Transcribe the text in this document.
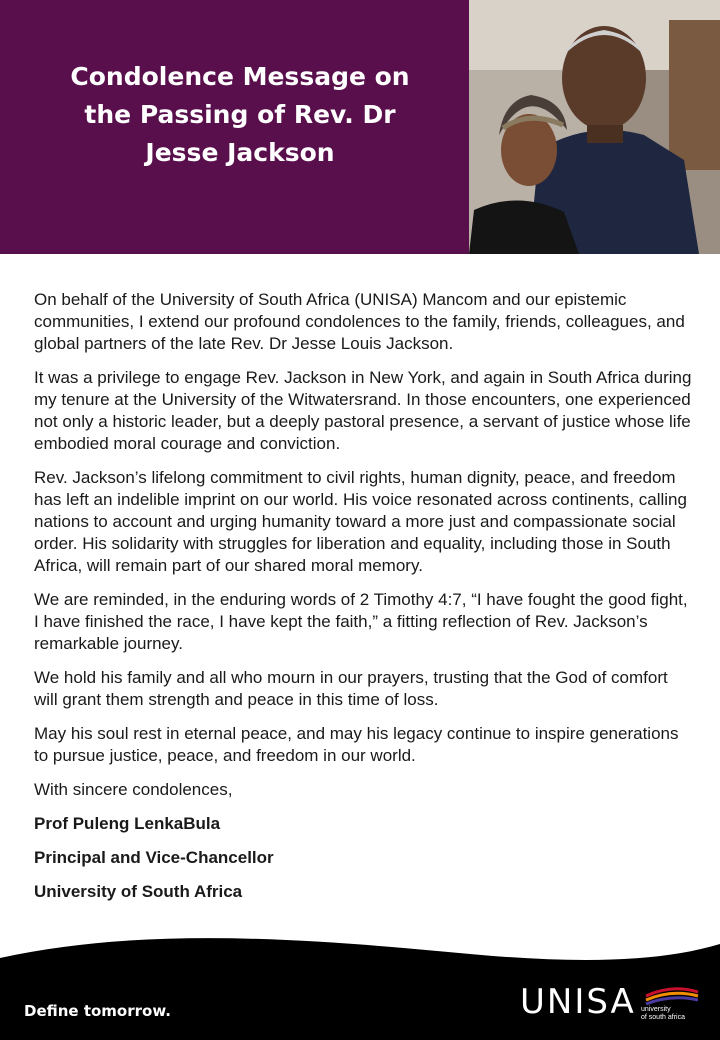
Condolence Message on
the Passing of Rev. Dr
Jesse Jackson

On behalf of the University of South Africa (UNISA) Mancom and our epistemic communities, I extend our profound condolences to the family, friends, colleagues, and global partners of the late Rev. Dr Jesse Louis Jackson.

It was a privilege to engage Rev. Jackson in New York, and again in South Africa during my tenure at the University of the Witwatersrand. In those encounters, one experienced not only a historic leader, but a deeply pastoral presence, a servant of justice whose life embodied moral courage and conviction.

Rev. Jackson’s lifelong commitment to civil rights, human dignity, peace, and freedom has left an indelible imprint on our world. His voice resonated across continents, calling nations to account and urging humanity toward a more just and compassionate social order. His solidarity with struggles for liberation and equality, including those in South Africa, will remain part of our shared moral memory.

We are reminded, in the enduring words of 2 Timothy 4:7, “I have fought the good fight, I have finished the race, I have kept the faith,” a fitting reflection of Rev. Jackson’s remarkable journey.

We hold his family and all who mourn in our prayers, trusting that the God of comfort will grant them strength and peace in this time of loss.

May his soul rest in eternal peace, and may his legacy continue to inspire generations to pursue justice, peace, and freedom in our world.

With sincere condolences,

Prof Puleng LenkaBula

Principal and Vice-Chancellor

University of South Africa

Define tomorrow.	UNISA university
of south africa
